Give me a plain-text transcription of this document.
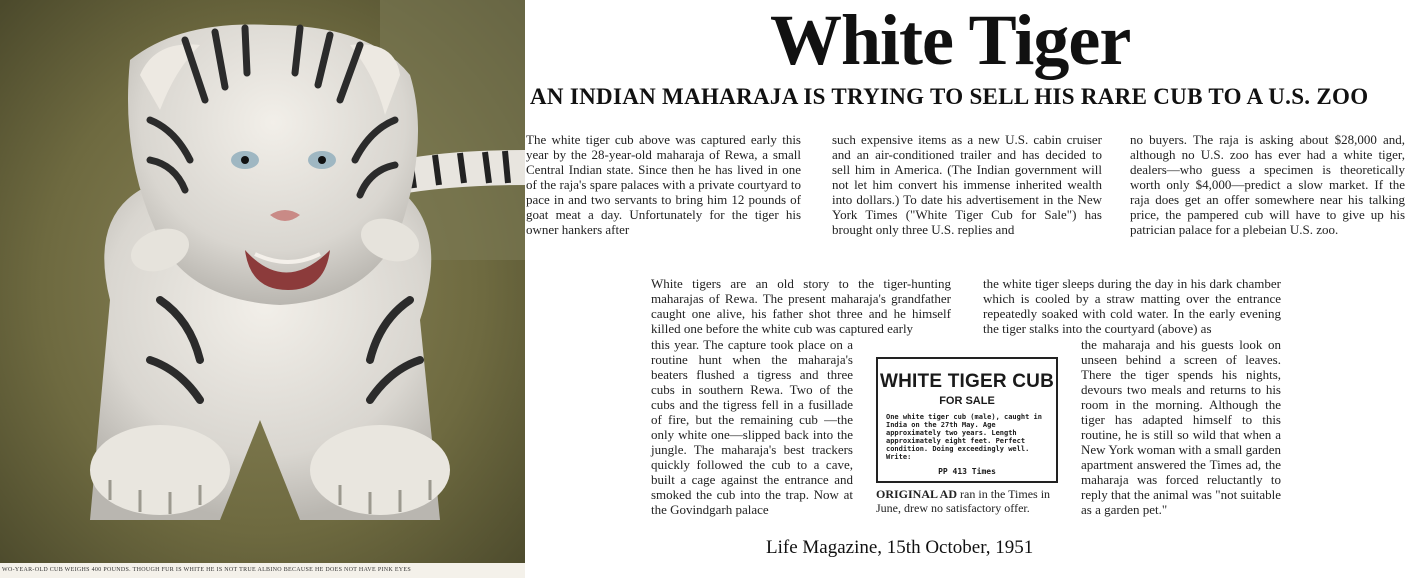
WO-YEAR-OLD CUB WEIGHS 400 POUNDS. THOUGH FUR IS WHITE HE IS NOT TRUE ALBINO BECAUSE HE DOES NOT HAVE PINK EYES
White Tiger
AN INDIAN MAHARAJA IS TRYING TO SELL HIS RARE CUB TO A U.S. ZOO
The white tiger cub above was captured early this year by the 28-year-old maharaja of Rewa, a small Central Indian state. Since then he has lived in one of the raja's spare palaces with a private courtyard to pace in and two servants to bring him 12 pounds of goat meat a day. Unfortunately for the tiger his owner hankers after
such expensive items as a new U.S. cabin cruiser and an air-conditioned trailer and has decided to sell him in America. (The Indian government will not let him convert his immense inherited wealth into dollars.) To date his advertisement in the New York Times ("White Tiger Cub for Sale") has brought only three U.S. replies and
no buyers. The raja is asking about $28,000 and, although no U.S. zoo has ever had a white tiger, dealers—who guess a specimen is theoretically worth only $4,000—predict a slow market. If the raja does get an offer somewhere near his talking price, the pampered cub will have to give up his patrician palace for a plebeian U.S. zoo.
White tigers are an old story to the tiger-hunting maharajas of Rewa. The present maharaja's grandfather caught one alive, his father shot three and he himself killed one before the white cub was captured early
this year. The capture took place on a routine hunt when the maharaja's beaters flushed a tigress and three cubs in southern Rewa. Two of the cubs and the tigress fell in a fusillade of fire, but the remaining cub —the only white one—slipped back into the jungle. The maharaja's best trackers quickly followed the cub to a cave, built a cage against the entrance and smoked the cub into the trap. Now at the Govindgarh palace
the white tiger sleeps during the day in his dark chamber which is cooled by a straw matting over the entrance repeatedly soaked with cold water. In the early evening the tiger stalks into the courtyard (above) as
the maharaja and his guests look on unseen behind a screen of leaves. There the tiger spends his nights, devours two meals and returns to his room in the morning. Although the tiger has adapted himself to this routine, he is still so wild that when a New York woman with a small garden apartment answered the Times ad, the maharaja was forced reluctantly to reply that the animal was "not suitable as a garden pet."
WHITE TIGER CUB
FOR SALE
One white tiger cub (male), caught in India on the 27th May. Age approximately two years. Length approximately eight feet. Perfect condition. Doing exceedingly well. Write:
PP 413 Times
ORIGINAL AD ran in the Times in June, drew no satisfactory offer.
Life Magazine, 15th October, 1951
